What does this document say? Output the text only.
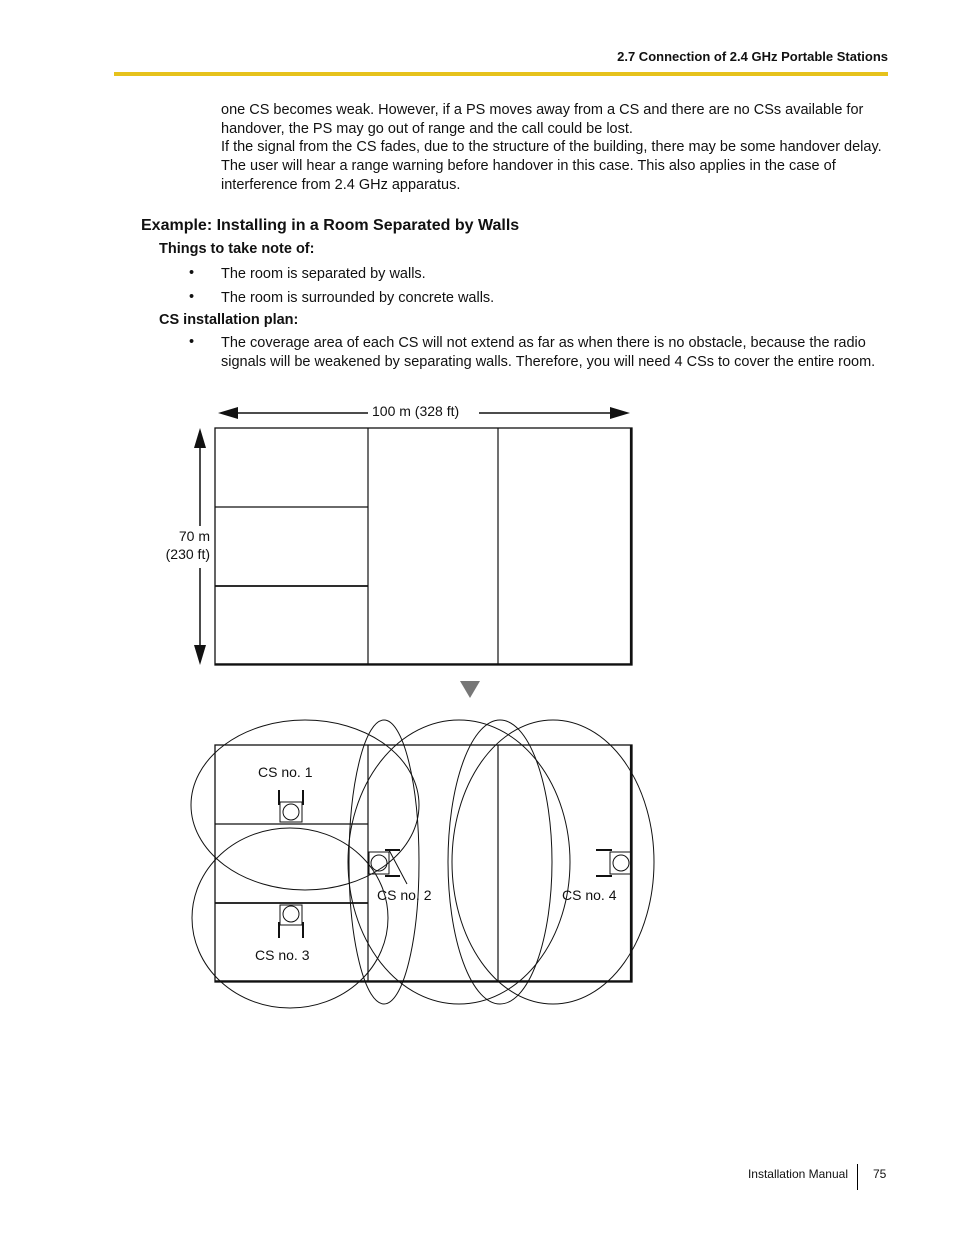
2.7 Connection of 2.4 GHz Portable Stations
one CS becomes weak. However, if a PS moves away from a CS and there are no CSs available for handover, the PS may go out of range and the call could be lost.
If the signal from the CS fades, due to the structure of the building, there may be some handover delay. The user will hear a range warning before handover in this case. This also applies in the case of interference from 2.4 GHz apparatus.
Example: Installing in a Room Separated by Walls
Things to take note of:
• The room is separated by walls.
• The room is surrounded by concrete walls.
CS installation plan:
• The coverage area of each CS will not extend as far as when there is no obstacle, because the radio signals will be weakened by separating walls. Therefore, you will need 4 CSs to cover the entire room.
100 m (328 ft)
70 m
(230 ft)
CS no. 1
CS no. 2
CS no. 3
CS no. 4
Installation Manual 75
